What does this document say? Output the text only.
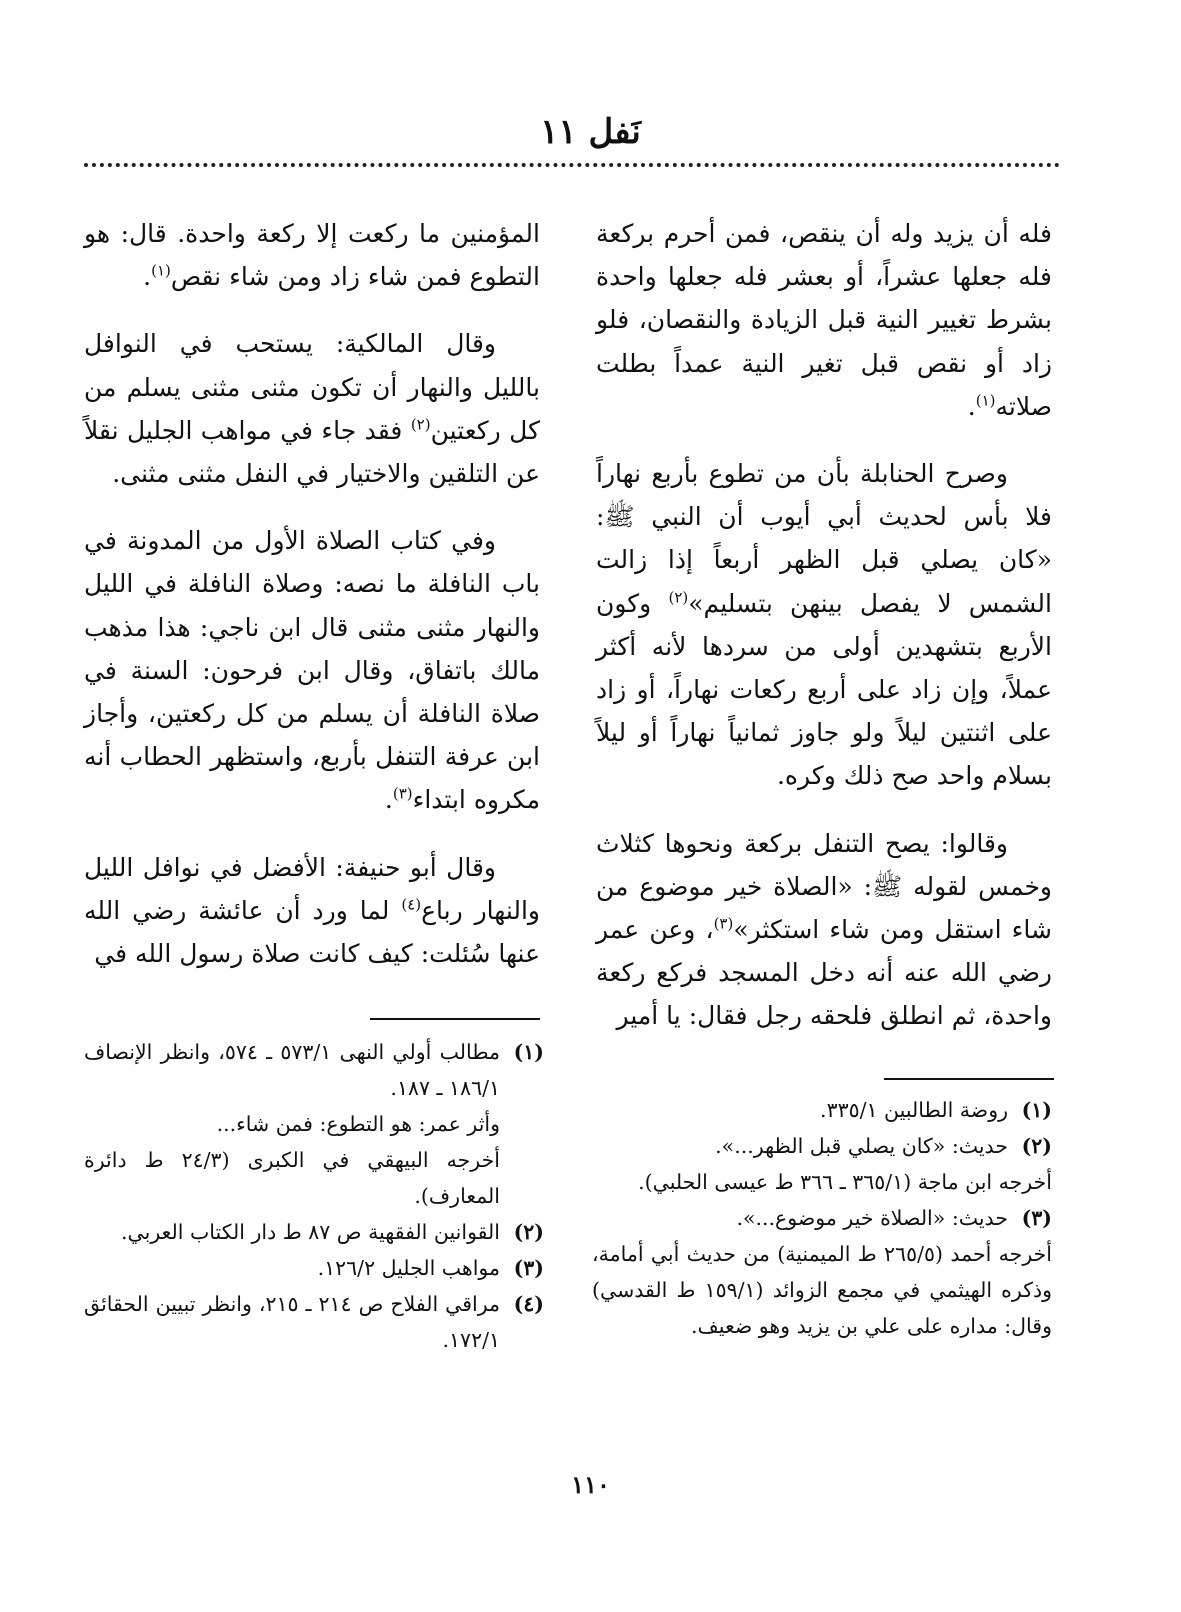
نَفل ١١

فله أن يزيد وله أن ينقص، فمن أحرم بركعة فله جعلها عشراً، أو بعشر فله جعلها واحدة بشرط تغيير النية قبل الزيادة والنقصان، فلو زاد أو نقص قبل تغير النية عمداً بطلت صلاته$^{(١)}$.

وصرح الحنابلة بأن من تطوع بأربع نهاراً فلا بأس لحديث أبي أيوب أن النبي ﷺ: «كان يصلي قبل الظهر أربعاً إذا زالت الشمس لا يفصل بينهن بتسليم»$^{(٢)}$ وكون الأربع بتشهدين أولى من سردها لأنه أكثر عملاً، وإن زاد على أربع ركعات نهاراً، أو زاد على اثنتين ليلاً ولو جاوز ثمانياً نهاراً أو ليلاً بسلام واحد صح ذلك وكره.

وقالوا: يصح التنفل بركعة ونحوها كثلاث وخمس لقوله ﷺ: «الصلاة خير موضوع من شاء استقل ومن شاء استكثر»$^{(٣)}$، وعن عمر رضي الله عنه أنه دخل المسجد فركع ركعة واحدة، ثم انطلق فلحقه رجل فقال: يا أمير

المؤمنين ما ركعت إلا ركعة واحدة. قال: هو التطوع فمن شاء زاد ومن شاء نقص$^{(١)}$.

وقال المالكية: يستحب في النوافل بالليل والنهار أن تكون مثنى مثنى يسلم من كل ركعتين$^{(٢)}$ فقد جاء في مواهب الجليل نقلاً عن التلقين والاختيار في النفل مثنى مثنى.

وفي كتاب الصلاة الأول من المدونة في باب النافلة ما نصه: وصلاة النافلة في الليل والنهار مثنى مثنى قال ابن ناجي: هذا مذهب مالك باتفاق، وقال ابن فرحون: السنة في صلاة النافلة أن يسلم من كل ركعتين، وأجاز ابن عرفة التنفل بأربع، واستظهر الحطاب أنه مكروه ابتداء$^{(٣)}$.

وقال أبو حنيفة: الأفضل في نوافل الليل والنهار رباع$^{(٤)}$ لما ورد أن عائشة رضي الله عنها سُئلت: كيف كانت صلاة رسول الله في

(١)
روضة الطالبين ٣٣٥/١.
(٢)
حديث: «كان يصلي قبل الظهر...».
أخرجه ابن ماجة (٣٦٥/١ ـ ٣٦٦ ط عيسى الحلبي).
(٣)
حديث: «الصلاة خير موضوع...».
أخرجه أحمد (٢٦٥/٥ ط الميمنية) من حديث أبي أمامة، وذكره الهيثمي في مجمع الزوائد (١٥٩/١ ط القدسي) وقال: مداره على علي بن يزيد وهو ضعيف.
(١)
مطالب أولي النهى ٥٧٣/١ ـ ٥٧٤، وانظر الإنصاف ١٨٦/١ ـ ١٨٧.
وأثر عمر: هو التطوع: فمن شاء...
أخرجه البيهقي في الكبرى (٢٤/٣ ط دائرة المعارف).
(٢)
القوانين الفقهية ص ٨٧ ط دار الكتاب العربي.
(٣)
مواهب الجليل ١٢٦/٢.
(٤)
مراقي الفلاح ص ٢١٤ ـ ٢١٥، وانظر تبيين الحقائق ١٧٢/١.
١١٠
